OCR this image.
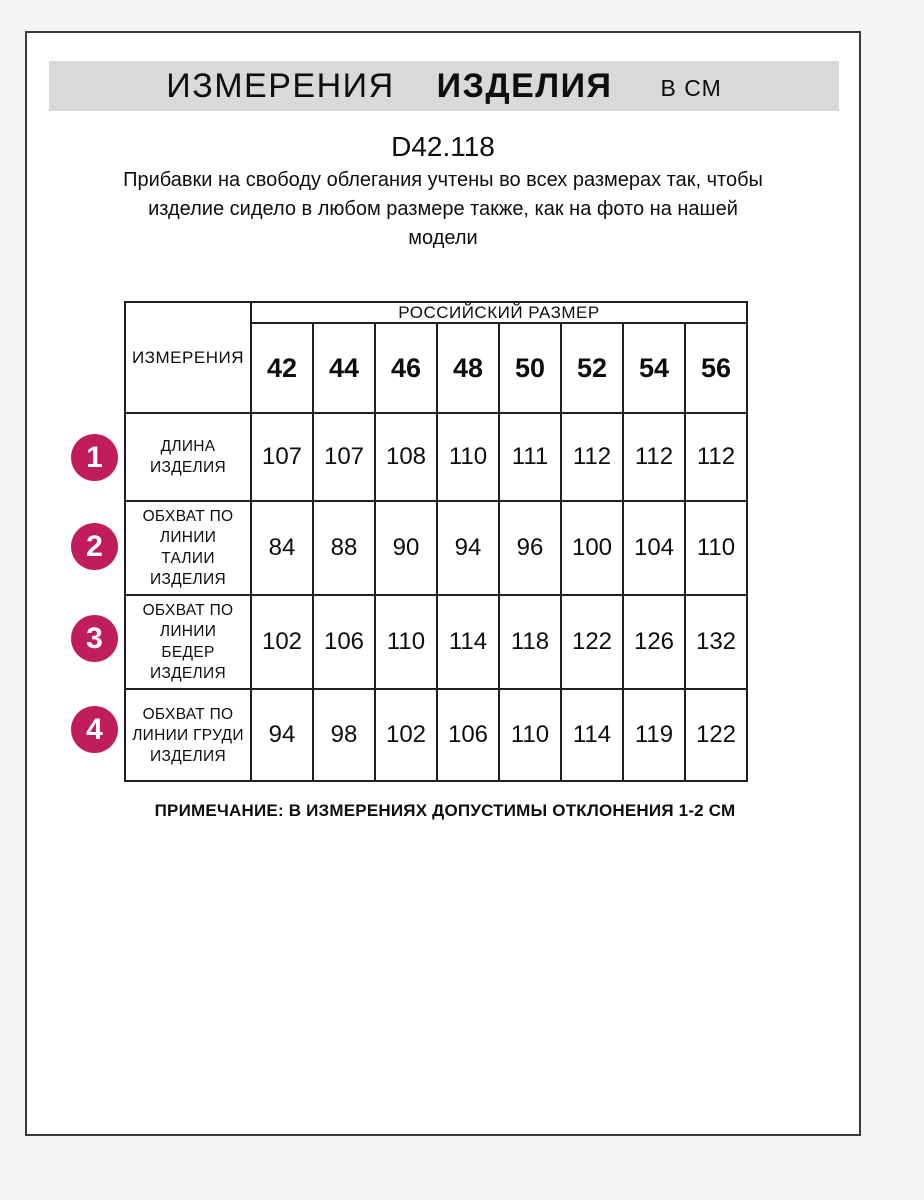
ИЗМЕРЕНИЯ ИЗДЕЛИЯ В СМ
D42.118
Прибавки на свободу облегания учтены во всех размерах так, чтобы
изделие сидело в любом размере также, как на фото на нашей
модели
ИЗМЕРЕНИЯ	РОССИЙСКИЙ РАЗМЕР							
	42	44	46	48	50	52	54	56
ДЛИНА ИЗДЕЛИЯ	107	107	108	110	111	112	112	112
ОБХВАТ ПО ЛИНИИ ТАЛИИ ИЗДЕЛИЯ	84	88	90	94	96	100	104	110
ОБХВАТ ПО ЛИНИИ БЕДЕР ИЗДЕЛИЯ	102	106	110	114	118	122	126	132
ОБХВАТ ПО ЛИНИИ ГРУДИ ИЗДЕЛИЯ	94	98	102	106	110	114	119	122
1
2
3
4
ПРИМЕЧАНИЕ: В ИЗМЕРЕНИЯХ ДОПУСТИМЫ ОТКЛОНЕНИЯ 1-2 СМ
